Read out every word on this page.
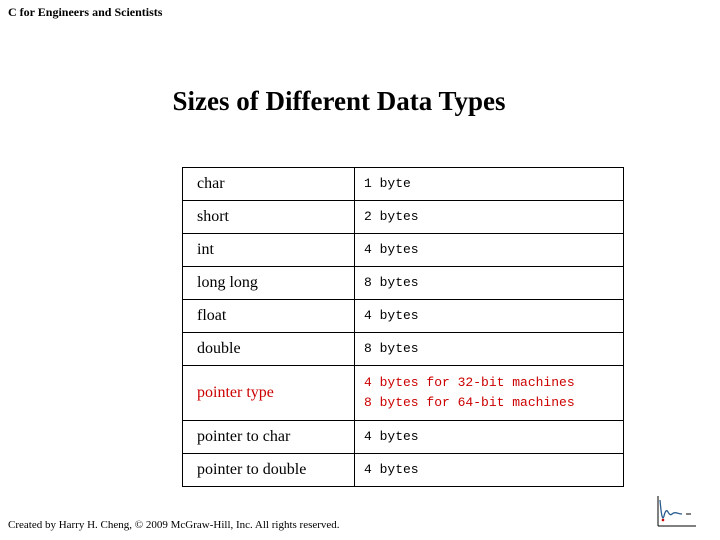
C for Engineers and Scientists
Sizes of Different Data Types
char	1 byte

short	2 bytes

int	4 bytes

long long	8 bytes

float	4 bytes

double	8 bytes

pointer type	4 bytes for 32-bit machines
8 bytes for 64-bit machines

pointer to char	4 bytes

pointer to double	4 bytes
Created by Harry H. Cheng, © 2009 McGraw-Hill, Inc. All rights reserved.
